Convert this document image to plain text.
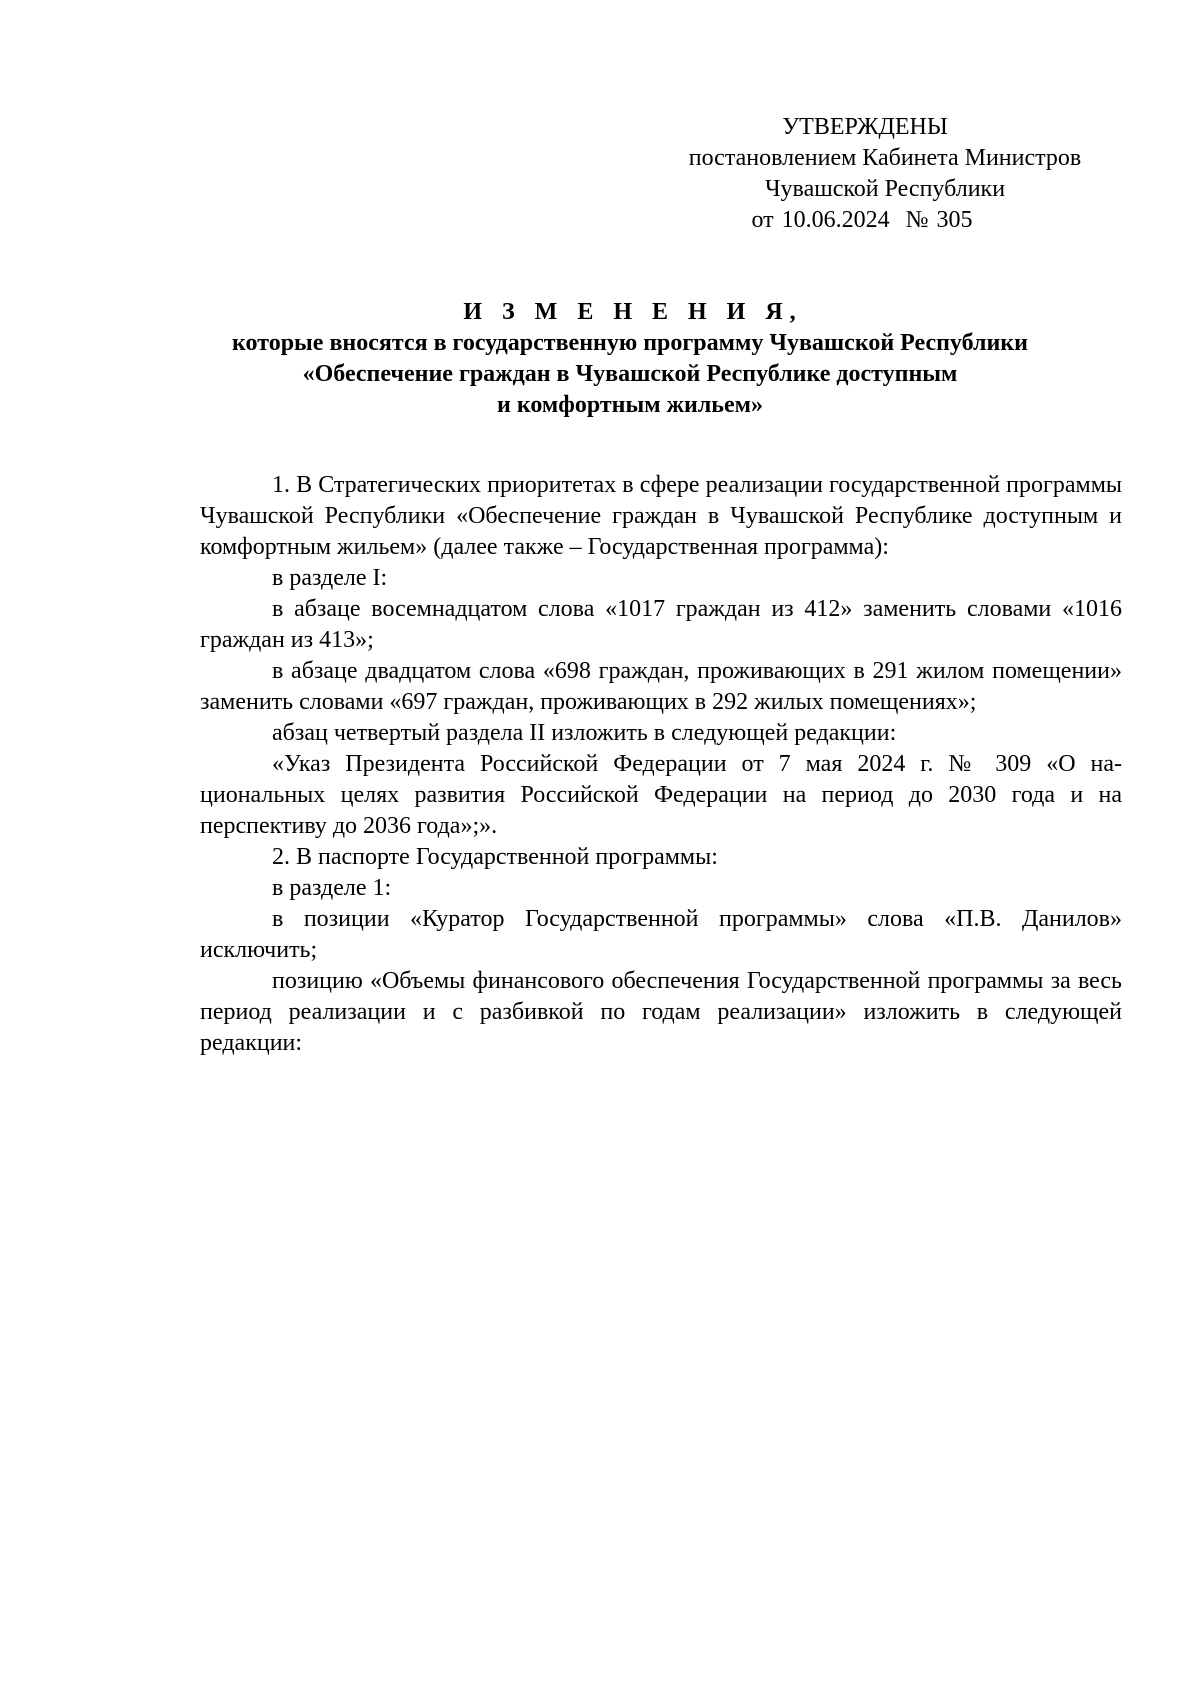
УТВЕРЖДЕНЫ
постановлением Кабинета Министров
Чувашской Республики
от 10.06.2024 № 305
И З М Е Н Е Н И Я,
которые вносятся в государственную программу Чувашской Республики
«Обеспечение граждан в Чувашской Республике доступным
и комфортным жильем»

1. В Стратегических приоритетах в сфере реализации государственной программы Чувашской Республики «Обеспечение граждан в Чувашской Республике доступным и комфортным жильем» (далее также – Государственная программа):

в разделе I:

в абзаце восемнадцатом слова «1017 граждан из 412» заменить словами «1016 граждан из 413»;

в абзаце двадцатом слова «698 граждан, проживающих в 291 жилом помещении» заменить словами «697 граждан, проживающих в 292 жилых помещениях»;

абзац четвертый раздела II изложить в следующей редакции:

«Указ Президента Российской Федерации от 7 мая 2024 г. № 309 «О национальных целях развития Российской Федерации на период до 2030 года и на перспективу до 2036 года»;».

2. В паспорте Государственной программы:

в разделе 1:

в позиции «Куратор Государственной программы» слова «П.В. Данилов» исключить;

позицию «Объемы финансового обеспечения Государственной программы за весь период реализации и с разбивкой по годам реализации» изложить в следующей редакции:
